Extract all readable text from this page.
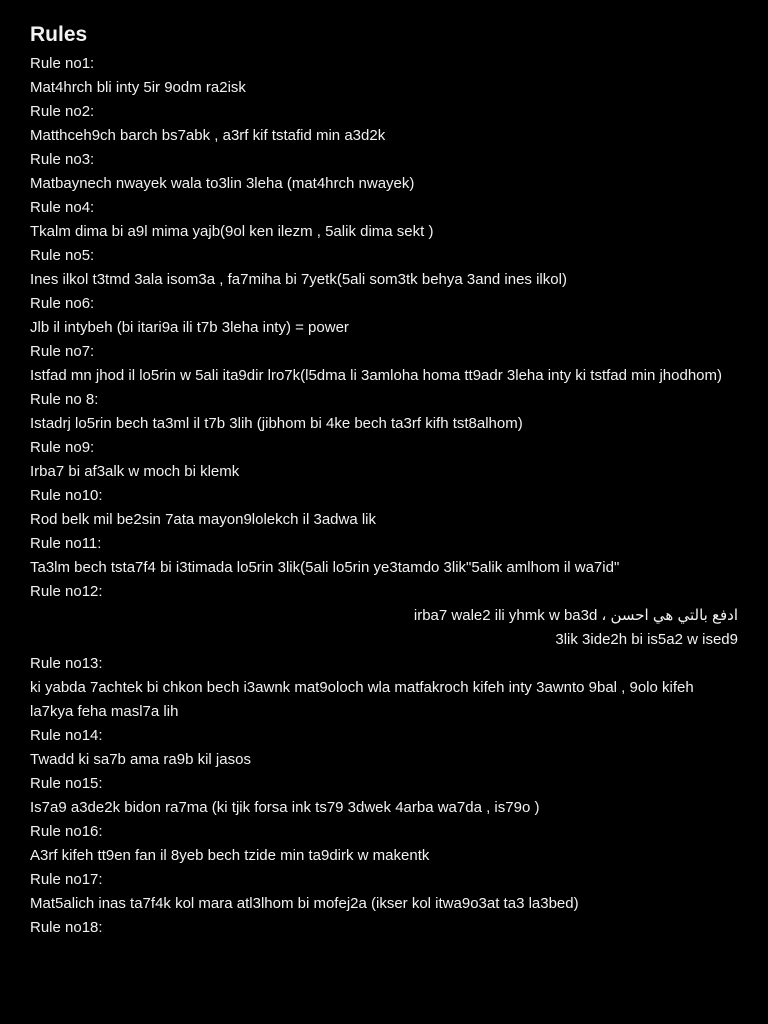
Rules
Rule no1:
Mat4hrch bli inty 5ir 9odm ra2isk
Rule no2:
Matthceh9ch barch bs7abk , a3rf kif tstafid min a3d2k
Rule no3:
Matbaynech nwayek wala to3lin 3leha (mat4hrch nwayek)
Rule no4:
Tkalm dima bi a9l mima yajb(9ol ken ilezm , 5alik dima sekt )
Rule no5:
Ines ilkol t3tmd 3ala isom3a , fa7miha bi 7yetk(5ali som3tk behya 3and ines ilkol)
Rule no6:
Jlb il intybeh (bi itari9a ili t7b 3leha inty) = power
Rule no7:
Istfad mn jhod il lo5rin w 5ali ita9dir lro7k(l5dma li 3amloha homa tt9adr 3leha inty ki tstfad min jhodhom)
Rule no 8:
Istadrj lo5rin bech ta3ml il t7b 3lih (jibhom bi 4ke bech ta3rf kifh tst8alhom)
Rule no9:
Irba7 bi af3alk w moch bi klemk
Rule no10:
Rod belk mil be2sin 7ata mayon9lolekch il 3adwa lik
Rule no11:
Ta3lm bech tsta7f4 bi i3timada lo5rin 3lik(5ali lo5rin ye3tamdo 3lik"5alik amlhom il wa7id"
Rule no12:
ادفع بالتي هي احسن ، irba7 wale2 ili yhmk w ba3d
3lik 3ide2h bi is5a2 w ised9
Rule no13:
ki yabda 7achtek bi chkon bech i3awnk mat9oloch wla matfakroch kifeh inty 3awnto 9bal , 9olo kifeh la7kya feha masl7a lih
Rule no14:
Twadd ki sa7b ama ra9b kil jasos
Rule no15:
Is7a9 a3de2k bidon ra7ma (ki tjik forsa ink ts79 3dwek 4arba wa7da , is79o )
Rule no16:
A3rf kifeh tt9en fan il 8yeb bech tzide min ta9dirk w makentk
Rule no17:
Mat5alich inas ta7f4k kol mara atl3lhom bi mofej2a (ikser kol itwa9o3at ta3 la3bed)
Rule no18:
